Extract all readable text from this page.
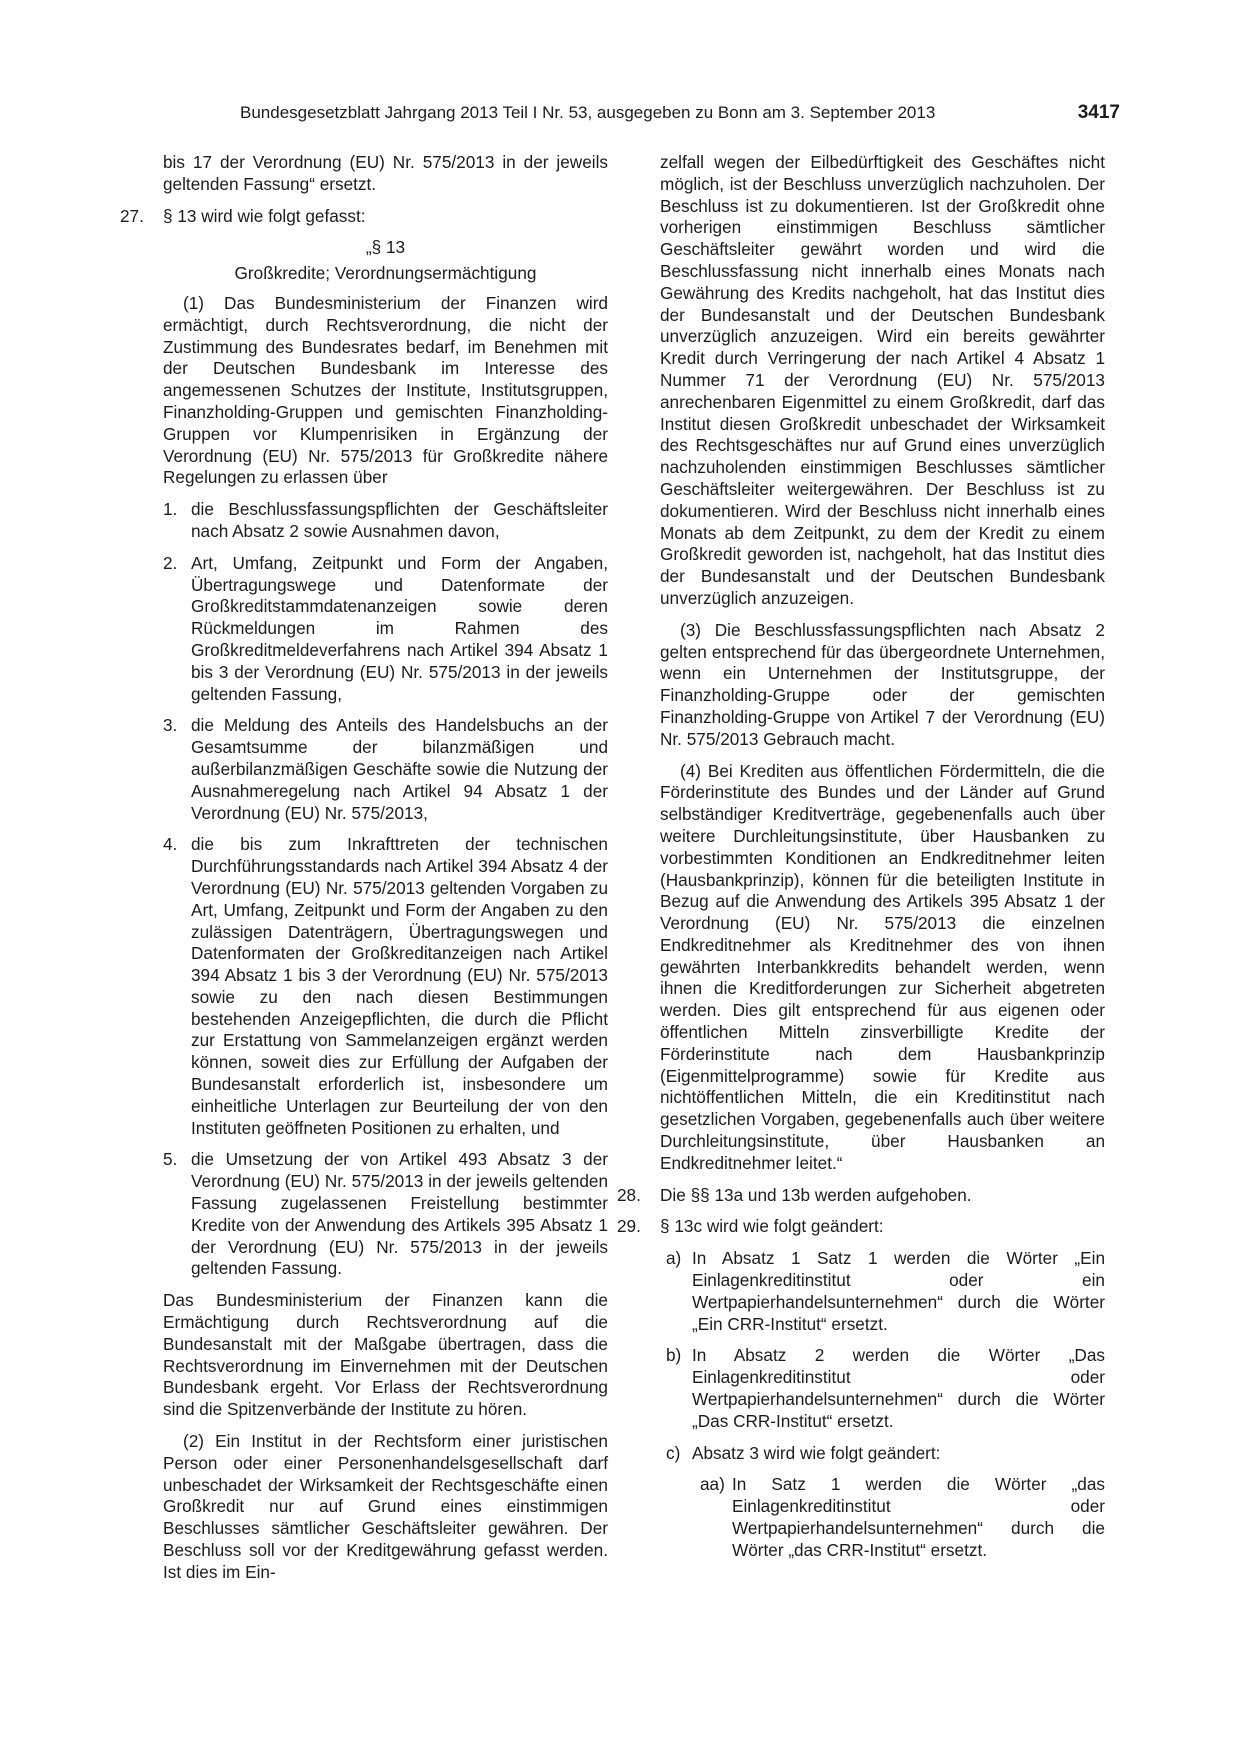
Bundesgesetzblatt Jahrgang 2013 Teil I Nr. 53, ausgegeben zu Bonn am 3. September 2013	3417

bis 17 der Verordnung (EU) Nr. 575/2013 in der jeweils geltenden Fassung“ ersetzt.

27.	§ 13 wird wie folgt gefasst:

„§ 13

Großkredite; Verordnungsermächtigung

(1) Das Bundesministerium der Finanzen wird ermächtigt, durch Rechtsverordnung, die nicht der Zustimmung des Bundesrates bedarf, im Benehmen mit der Deutschen Bundesbank im Interesse des angemessenen Schutzes der Institute, Institutsgruppen, Finanzholding-Gruppen und gemischten Finanzholding-Gruppen vor Klumpenrisiken in Ergänzung der Verordnung (EU) Nr. 575/2013 für Großkredite nähere Regelungen zu erlassen über

1. die Beschlussfassungspflichten der Geschäftsleiter nach Absatz 2 sowie Ausnahmen davon,
2. Art, Umfang, Zeitpunkt und Form der Angaben, Übertragungswege und Datenformate der Großkreditstammdatenanzeigen sowie deren Rückmeldungen im Rahmen des Großkreditmeldeverfahrens nach Artikel 394 Absatz 1 bis 3 der Verordnung (EU) Nr. 575/2013 in der jeweils geltenden Fassung,
3. die Meldung des Anteils des Handelsbuchs an der Gesamtsumme der bilanzmäßigen und außerbilanzmäßigen Geschäfte sowie die Nutzung der Ausnahmeregelung nach Artikel 94 Absatz 1 der Verordnung (EU) Nr. 575/2013,
4. die bis zum Inkrafttreten der technischen Durchführungsstandards nach Artikel 394 Absatz 4 der Verordnung (EU) Nr. 575/2013 geltenden Vorgaben zu Art, Umfang, Zeitpunkt und Form der Angaben zu den zulässigen Datenträgern, Übertragungswegen und Datenformaten der Großkreditanzeigen nach Artikel 394 Absatz 1 bis 3 der Verordnung (EU) Nr. 575/2013 sowie zu den nach diesen Bestimmungen bestehenden Anzeigepflichten, die durch die Pflicht zur Erstattung von Sammelanzeigen ergänzt werden können, soweit dies zur Erfüllung der Aufgaben der Bundesanstalt erforderlich ist, insbesondere um einheitliche Unterlagen zur Beurteilung der von den Instituten geöffneten Positionen zu erhalten, und
5. die Umsetzung der von Artikel 493 Absatz 3 der Verordnung (EU) Nr. 575/2013 in der jeweils geltenden Fassung zugelassenen Freistellung bestimmter Kredite von der Anwendung des Artikels 395 Absatz 1 der Verordnung (EU) Nr. 575/2013 in der jeweils geltenden Fassung.

Das Bundesministerium der Finanzen kann die Ermächtigung durch Rechtsverordnung auf die Bundesanstalt mit der Maßgabe übertragen, dass die Rechtsverordnung im Einvernehmen mit der Deutschen Bundesbank ergeht. Vor Erlass der Rechtsverordnung sind die Spitzenverbände der Institute zu hören.

(2) Ein Institut in der Rechtsform einer juristischen Person oder einer Personenhandelsgesellschaft darf unbeschadet der Wirksamkeit der Rechtsgeschäfte einen Großkredit nur auf Grund eines einstimmigen Beschlusses sämtlicher Geschäftsleiter gewähren. Der Beschluss soll vor der Kreditgewährung gefasst werden. Ist dies im Ein-

zelfall wegen der Eilbedürftigkeit des Geschäftes nicht möglich, ist der Beschluss unverzüglich nachzuholen. Der Beschluss ist zu dokumentieren. Ist der Großkredit ohne vorherigen einstimmigen Beschluss sämtlicher Geschäftsleiter gewährt worden und wird die Beschlussfassung nicht innerhalb eines Monats nach Gewährung des Kredits nachgeholt, hat das Institut dies der Bundesanstalt und der Deutschen Bundesbank unverzüglich anzuzeigen. Wird ein bereits gewährter Kredit durch Verringerung der nach Artikel 4 Absatz 1 Nummer 71 der Verordnung (EU) Nr. 575/2013 anrechenbaren Eigenmittel zu einem Großkredit, darf das Institut diesen Großkredit unbeschadet der Wirksamkeit des Rechtsgeschäftes nur auf Grund eines unverzüglich nachzuholenden einstimmigen Beschlusses sämtlicher Geschäftsleiter weitergewähren. Der Beschluss ist zu dokumentieren. Wird der Beschluss nicht innerhalb eines Monats ab dem Zeitpunkt, zu dem der Kredit zu einem Großkredit geworden ist, nachgeholt, hat das Institut dies der Bundesanstalt und der Deutschen Bundesbank unverzüglich anzuzeigen.

(3) Die Beschlussfassungspflichten nach Absatz 2 gelten entsprechend für das übergeordnete Unternehmen, wenn ein Unternehmen der Institutsgruppe, der Finanzholding-Gruppe oder der gemischten Finanzholding-Gruppe von Artikel 7 der Verordnung (EU) Nr. 575/2013 Gebrauch macht.

(4) Bei Krediten aus öffentlichen Fördermitteln, die die Förderinstitute des Bundes und der Länder auf Grund selbständiger Kreditverträge, gegebenenfalls auch über weitere Durchleitungsinstitute, über Hausbanken zu vorbestimmten Konditionen an Endkreditnehmer leiten (Hausbankprinzip), können für die beteiligten Institute in Bezug auf die Anwendung des Artikels 395 Absatz 1 der Verordnung (EU) Nr. 575/2013 die einzelnen Endkreditnehmer als Kreditnehmer des von ihnen gewährten Interbankkredits behandelt werden, wenn ihnen die Kreditforderungen zur Sicherheit abgetreten werden. Dies gilt entsprechend für aus eigenen oder öffentlichen Mitteln zinsverbilligte Kredite der Förderinstitute nach dem Hausbankprinzip (Eigenmittelprogramme) sowie für Kredite aus nichtöffentlichen Mitteln, die ein Kreditinstitut nach gesetzlichen Vorgaben, gegebenenfalls auch über weitere Durchleitungsinstitute, über Hausbanken an Endkreditnehmer leitet.“

28.	Die §§ 13a und 13b werden aufgehoben.
29.	§ 13c wird wie folgt geändert:
a) In Absatz 1 Satz 1 werden die Wörter „Ein Einlagenkreditinstitut oder ein Wertpapierhandelsunternehmen“ durch die Wörter „Ein CRR-Institut“ ersetzt.
b) In Absatz 2 werden die Wörter „Das Einlagenkreditinstitut oder Wertpapierhandelsunternehmen“ durch die Wörter „Das CRR-Institut“ ersetzt.
c) Absatz 3 wird wie folgt geändert:
aa) In Satz 1 werden die Wörter „das Einlagenkreditinstitut oder Wertpapierhandelsunternehmen“ durch die Wörter „das CRR-Institut“ ersetzt.
